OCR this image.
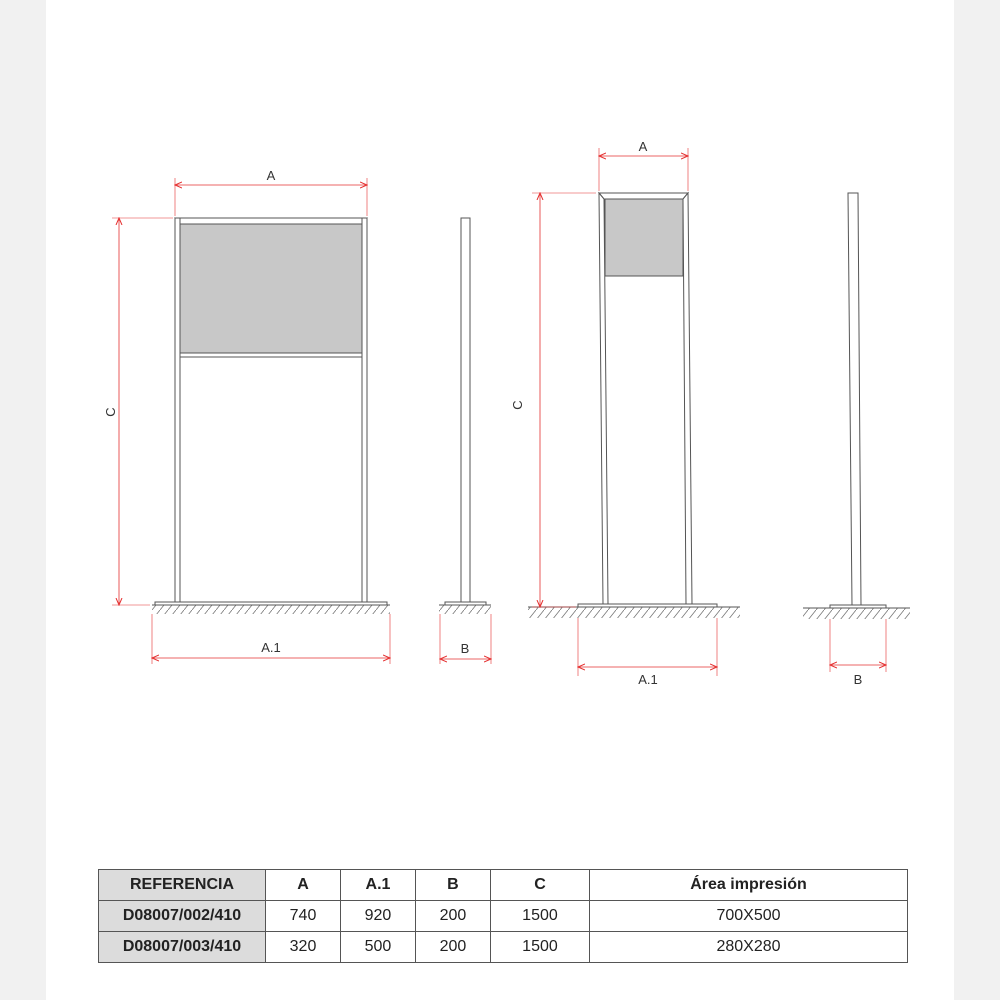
A
C
A.1	B
A
C
A.1	B
REFERENCIA	A	A.1	B	C	Área impresión
D08007/002/410	740	920	200	1500	700X500
D08007/003/410	320	500	200	1500	280X280
